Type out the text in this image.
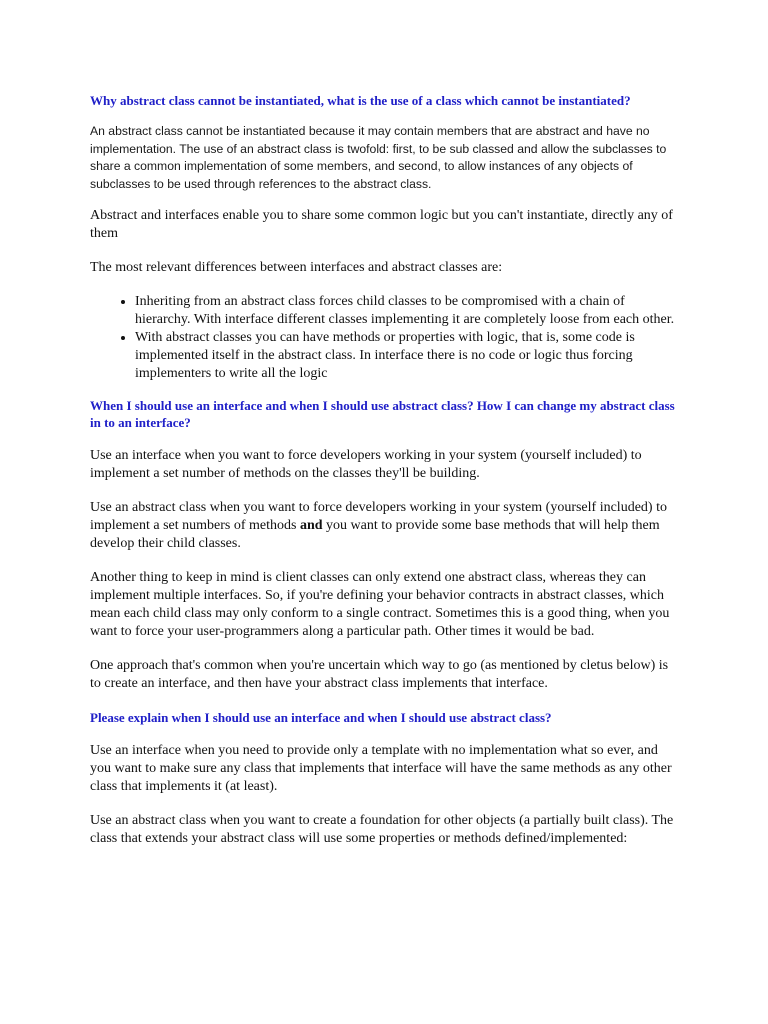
Why abstract class cannot be instantiated, what is the use of a class which cannot be instantiated?

An abstract class cannot be instantiated because it may contain members that are abstract and have no implementation. The use of an abstract class is twofold: first, to be sub classed and allow the subclasses to share a common implementation of some members, and second, to allow instances of any objects of subclasses to be used through references to the abstract class.

Abstract and interfaces enable you to share some common logic but you can't instantiate, directly any of them

The most relevant differences between interfaces and abstract classes are:

• Inheriting from an abstract class forces child classes to be compromised with a chain of hierarchy. With interface different classes implementing it are completely loose from each other.
• With abstract classes you can have methods or properties with logic, that is, some code is implemented itself in the abstract class. In interface there is no code or logic thus forcing implementers to write all the logic

When I should use an interface and when I should use abstract class? How I can change my abstract class in to an interface?

Use an interface when you want to force developers working in your system (yourself included) to implement a set number of methods on the classes they'll be building.

Use an abstract class when you want to force developers working in your system (yourself included) to implement a set numbers of methods and you want to provide some base methods that will help them develop their child classes.

Another thing to keep in mind is client classes can only extend one abstract class, whereas they can implement multiple interfaces. So, if you're defining your behavior contracts in abstract classes, which mean each child class may only conform to a single contract. Sometimes this is a good thing, when you want to force your user-programmers along a particular path. Other times it would be bad.

One approach that's common when you're uncertain which way to go (as mentioned by cletus below) is to create an interface, and then have your abstract class implements that interface.

Please explain when I should use an interface and when I should use abstract class?

Use an interface when you need to provide only a template with no implementation what so ever, and you want to make sure any class that implements that interface will have the same methods as any other class that implements it (at least).

Use an abstract class when you want to create a foundation for other objects (a partially built class). The class that extends your abstract class will use some properties or methods defined/implemented:
